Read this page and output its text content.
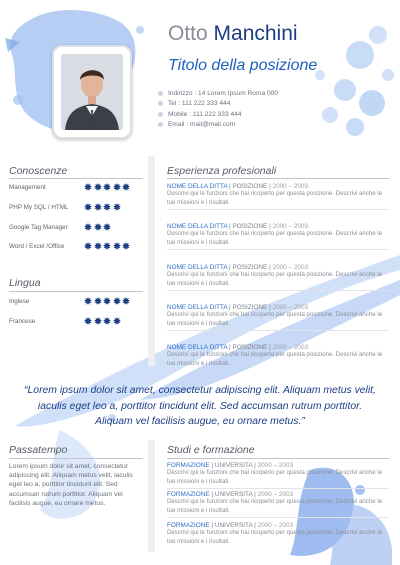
Otto Manchini
Titolo della posizione
Indirizzo : 14 Lorem Ipsum Roma 000
Tel : 111 222 333 444
Mobile : 111 222 333 444
Email : mail@mail.com
Conoscenze
Management
PHP My SQL / HTML
Google Tag Manager
Word / Excel /Office
Lingua
Inglese
Francese
Esperienza profesionali
NOME DELLA DITTA | POSIZIONE | 2000 – 2003
Descrivi qui le funzioni che hai ricoperto per questa posizione. Descrivi anche le tue missioni e i risultati.
NOME DELLA DITTA | POSIZIONE | 2000 – 2003
Descrivi qui le funzioni che hai ricoperto per questa posizione. Descrivi anche le tue missioni e i risultati.
NOME DELLA DITTA | POSIZIONE | 2000 – 2003
Descrivi qui le funzioni che hai ricoperto per questa posizione. Descrivi anche le tue missioni e i risultati.
NOME DELLA DITTA | POSIZIONE | 2000 – 2003
Descrivi qui le funzioni che hai ricoperto per questa posizione. Descrivi anche le tue missioni e i risultati.
NOME DELLA DITTA | POSIZIONE | 2000 – 2003
Descrivi qui le funzioni che hai ricoperto per questa posizione. Descrivi anche le tue missioni e i risultati.
“Lorem ipsum dolor sit amet, consectetur adipiscing elit. Aliquam metus velit, iaculis eget leo a, porttitor tincidunt elit. Sed accumsan rutrum porttitor. Aliquam vel facilisis augue, eu ornare metus.”
Passatempo
Lorem ipsum dolor sit amet, consectetur adipiscing elit. Aliquam metus velit, iaculis eget leo a, porttitor tincidunt elit. Sed accumsan rutrum porttitor. Aliquam vel facilisis augue, eu ornare metus.
Studi e formazione
FORMAZIONE | UNIVERSITA | 2000 – 2003
Descrivi qui le funzioni che hai ricoperto per questa posizione. Descrivi anche le tue missioni e i risultati.
FORMAZIONE | UNIVERSITA | 2000 – 2003
Descrivi qui le funzioni che hai ricoperto per questa posizione. Descrivi anche le tue missioni e i risultati.
FORMAZIONE | UNIVERSITA | 2000 – 2003
Descrivi qui le funzioni che hai ricoperto per questa posizione. Descrivi anche le tue missioni e i risultati.
